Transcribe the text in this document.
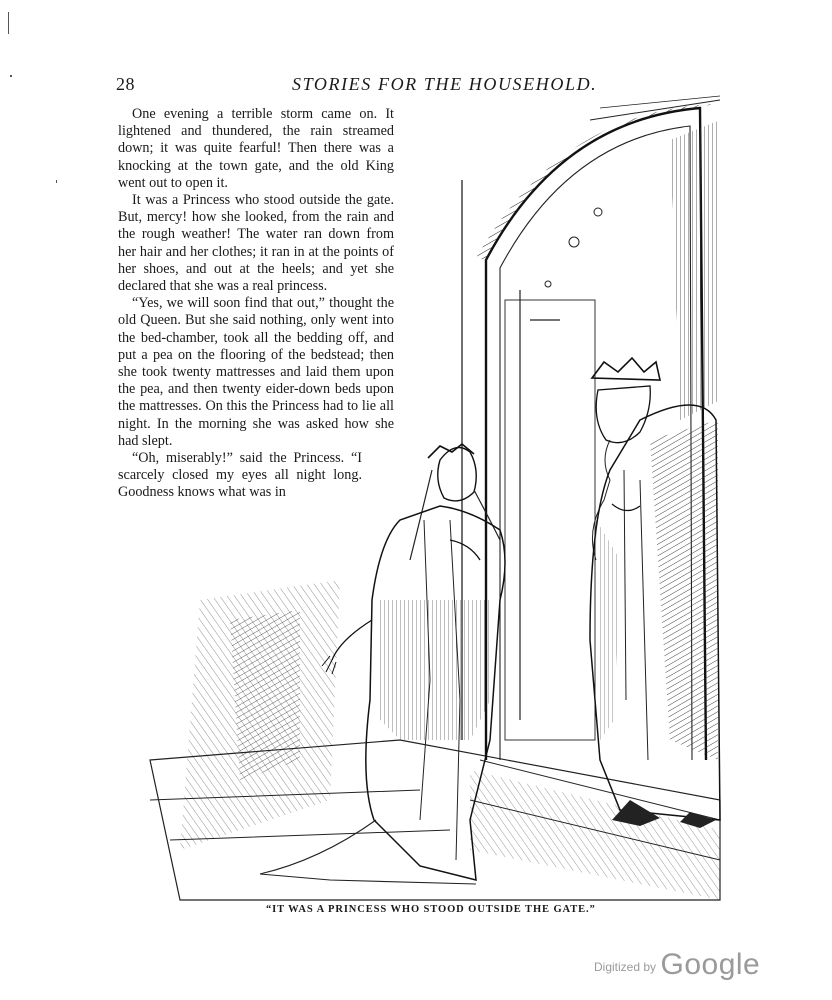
28	STORIES FOR THE HOUSEHOLD.

One evening a terrible storm came on. It lightened and thundered, the rain streamed down; it was quite fearful! Then there was a knocking at the town gate, and the old King went out to open it.

It was a Princess who stood outside the gate. But, mercy! how she looked, from the rain and the rough weather! The water ran down from her hair and her clothes; it ran in at the points of her shoes, and out at the heels; and yet she declared that she was a real princess.

“Yes, we will soon find that out,” thought the old Queen. But she said nothing, only went into the bed-chamber, took all the bedding off, and put a pea on the flooring of the bedstead; then she took twenty mattresses and laid them upon the pea, and then twenty eider-down beds upon the mattresses. On this the Princess had to lie all night. In the morning she was asked how she had slept.

“Oh, miserably!” said the Princess. “I scarcely closed my eyes all night long. Goodness knows what was in

“IT WAS A PRINCESS WHO STOOD OUTSIDE THE GATE.”
Digitized by Google
